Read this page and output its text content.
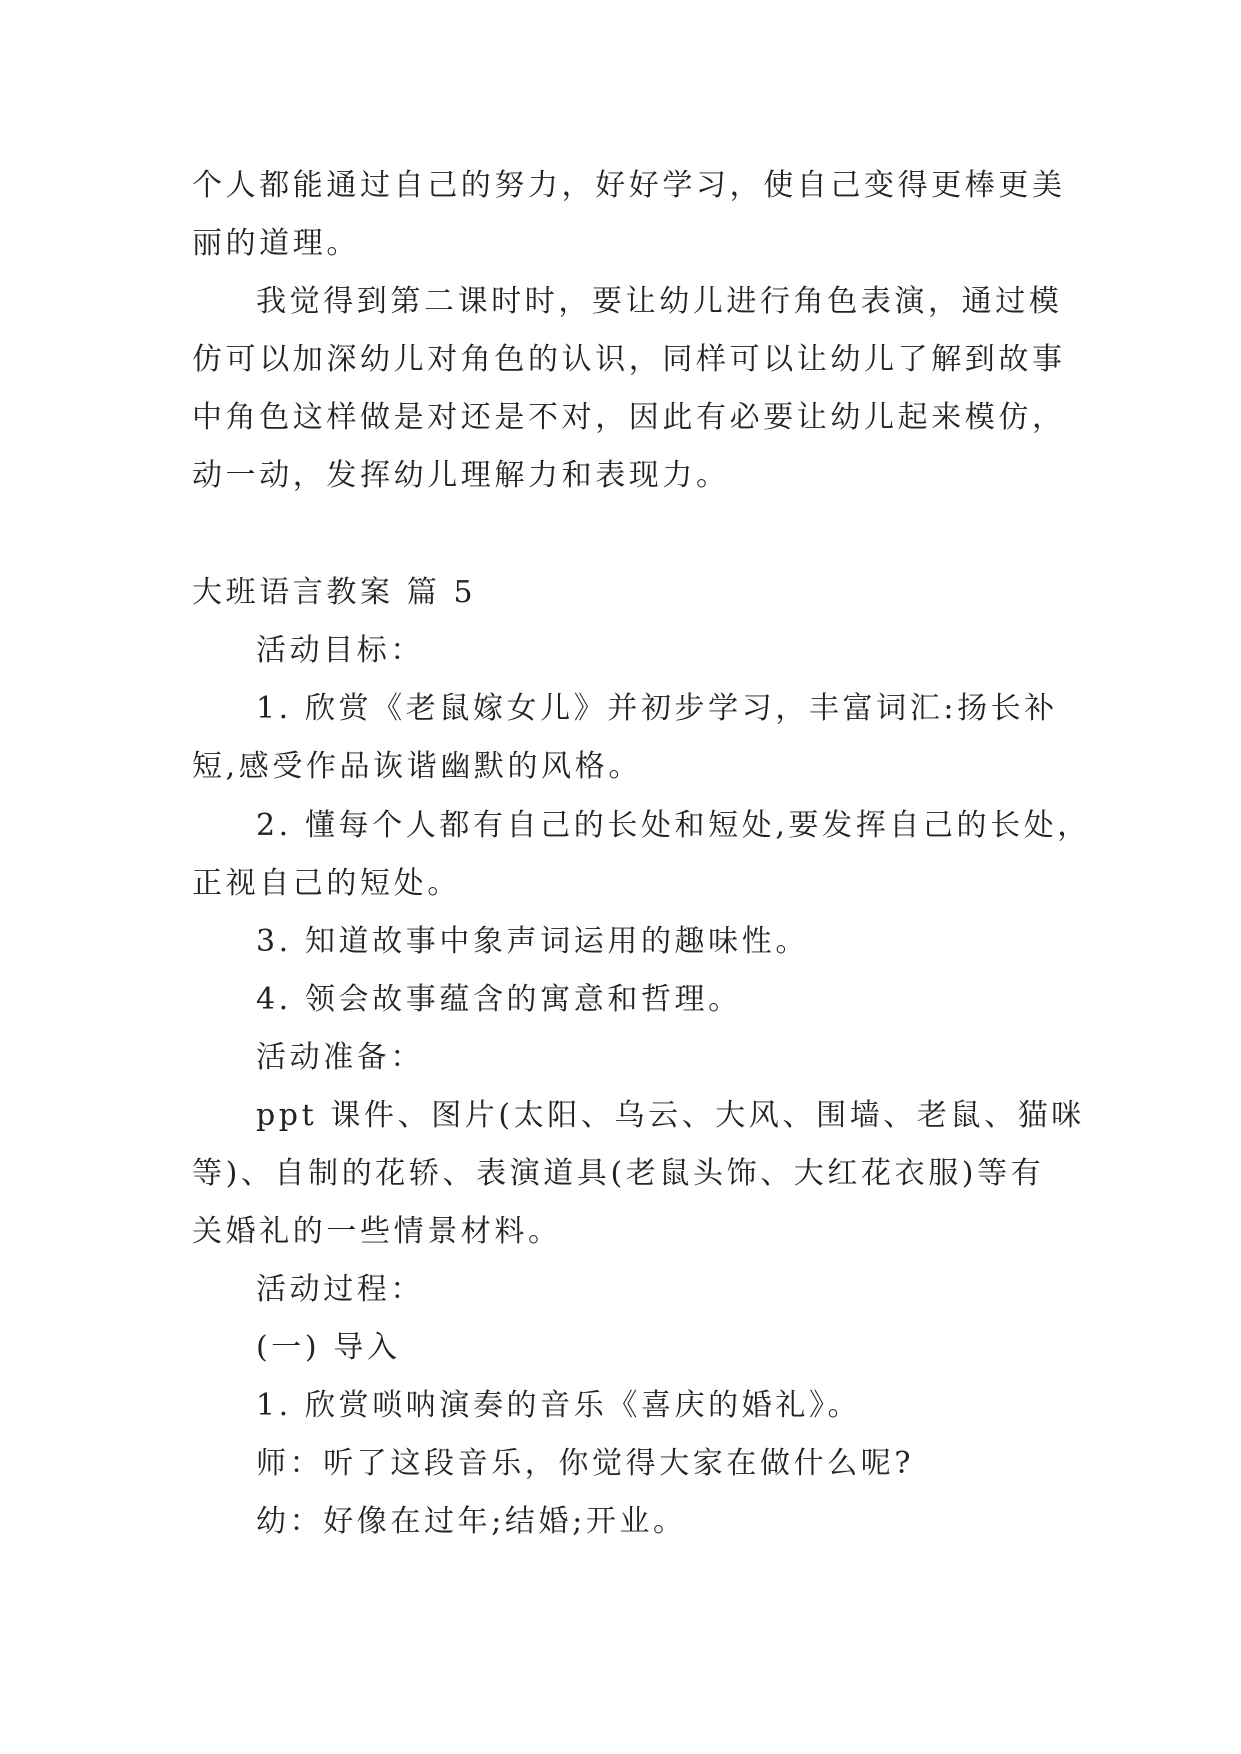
个人都能通过自己的努力，好好学习，使自己变得更棒更美
丽的道理。
我觉得到第二课时时，要让幼儿进行角色表演，通过模
仿可以加深幼儿对角色的认识，同样可以让幼儿了解到故事
中角色这样做是对还是不对，因此有必要让幼儿起来模仿，
动一动，发挥幼儿理解力和表现力。
大班语言教案 篇 5
活动目标：
1. 欣赏《老鼠嫁女儿》并初步学习，丰富词汇:扬长补
短,感受作品诙谐幽默的风格。
2. 懂每个人都有自己的长处和短处,要发挥自己的长处，
正视自己的短处。
3. 知道故事中象声词运用的趣味性。
4. 领会故事蕴含的寓意和哲理。
活动准备：
ppt 课件、图片(太阳、乌云、大风、围墙、老鼠、猫咪
等)、自制的花轿、表演道具(老鼠头饰、大红花衣服)等有
关婚礼的一些情景材料。
活动过程：
(一) 导入
1. 欣赏唢呐演奏的音乐《喜庆的婚礼》。
师：听了这段音乐，你觉得大家在做什么呢?
幼：好像在过年;结婚;开业。
